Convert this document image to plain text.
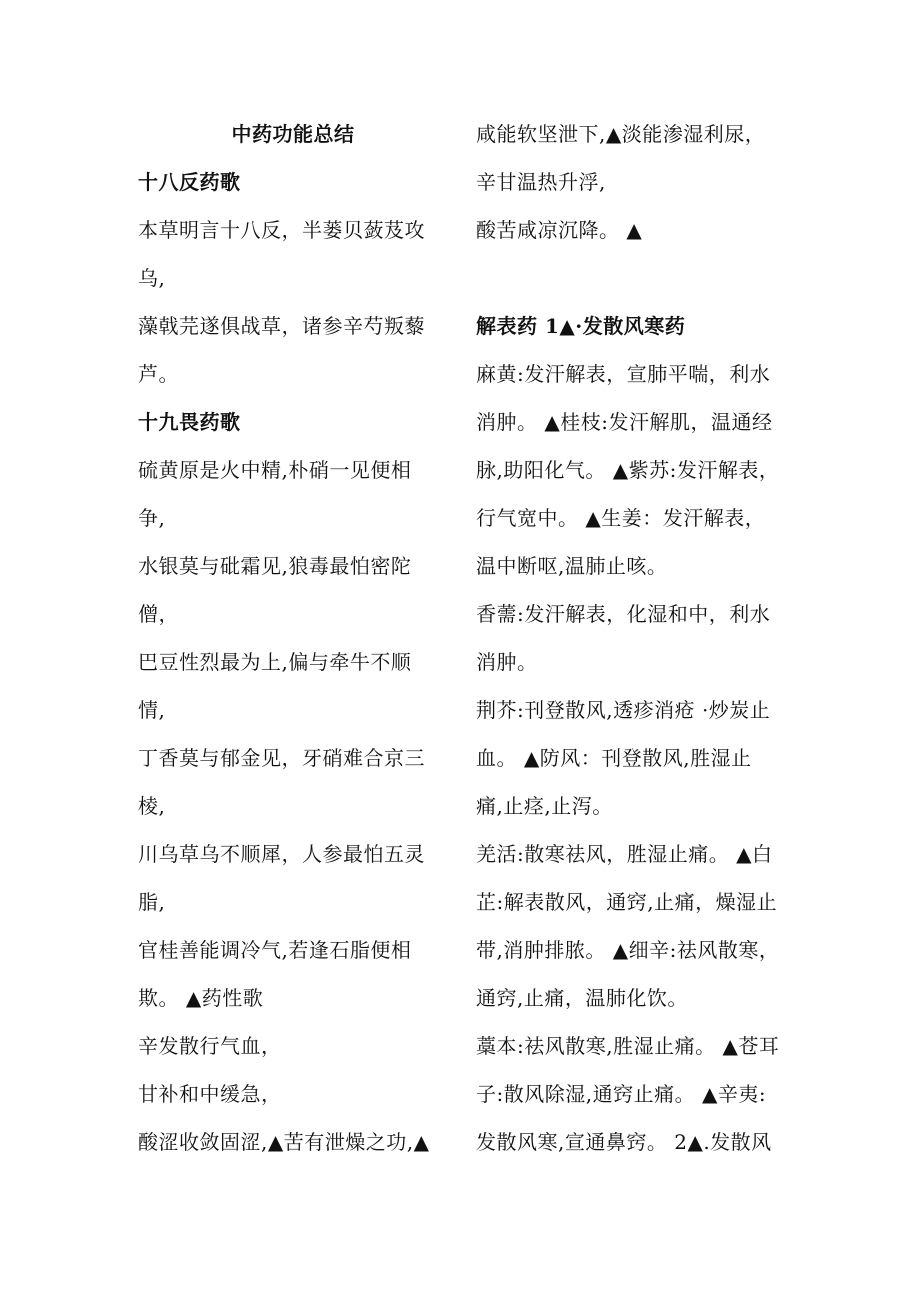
中药功能总结
十八反药歌
本草明言十八反，半蒌贝蔹芨攻
乌,
藻戟芫遂俱战草，诸参辛芍叛藜
芦。
十九畏药歌
硫黄原是火中精,朴硝一见便相
争,
水银莫与砒霜见,狼毒最怕密陀
僧，
巴豆性烈最为上,偏与牵牛不顺
情,
丁香莫与郁金见，牙硝难合京三
棱,
川乌草乌不顺犀，人参最怕五灵
脂,
官桂善能调冷气,若逢石脂便相
欺。 ▲药性歌
辛发散行气血，
甘补和中缓急，
酸涩收敛固涩,▲苦有泄燥之功,▲
咸能软坚泄下,▲淡能渗湿利尿，
辛甘温热升浮,
酸苦咸凉沉降。 ▲
解表药 1▲·发散风寒药
麻黄:发汗解表，宣肺平喘，利水
消肿。 ▲桂枝:发汗解肌，温通经
脉,助阳化气。 ▲紫苏:发汗解表，
行气宽中。 ▲生姜：发汗解表，
温中断呕,温肺止咳。
香薷:发汗解表，化湿和中，利水
消肿。
荆芥:刊登散风,透疹消疮 ·炒炭止
血。 ▲防风：刊登散风,胜湿止
痛,止痉,止泻。
羌活:散寒祛风，胜湿止痛。 ▲白
芷:解表散风，通窍,止痛，燥湿止
带,消肿排脓。 ▲细辛:祛风散寒，
通窍,止痛，温肺化饮。
藁本:祛风散寒,胜湿止痛。 ▲苍耳
子:散风除湿,通窍止痛。 ▲辛夷:
发散风寒,宣通鼻窍。 2▲.发散风
